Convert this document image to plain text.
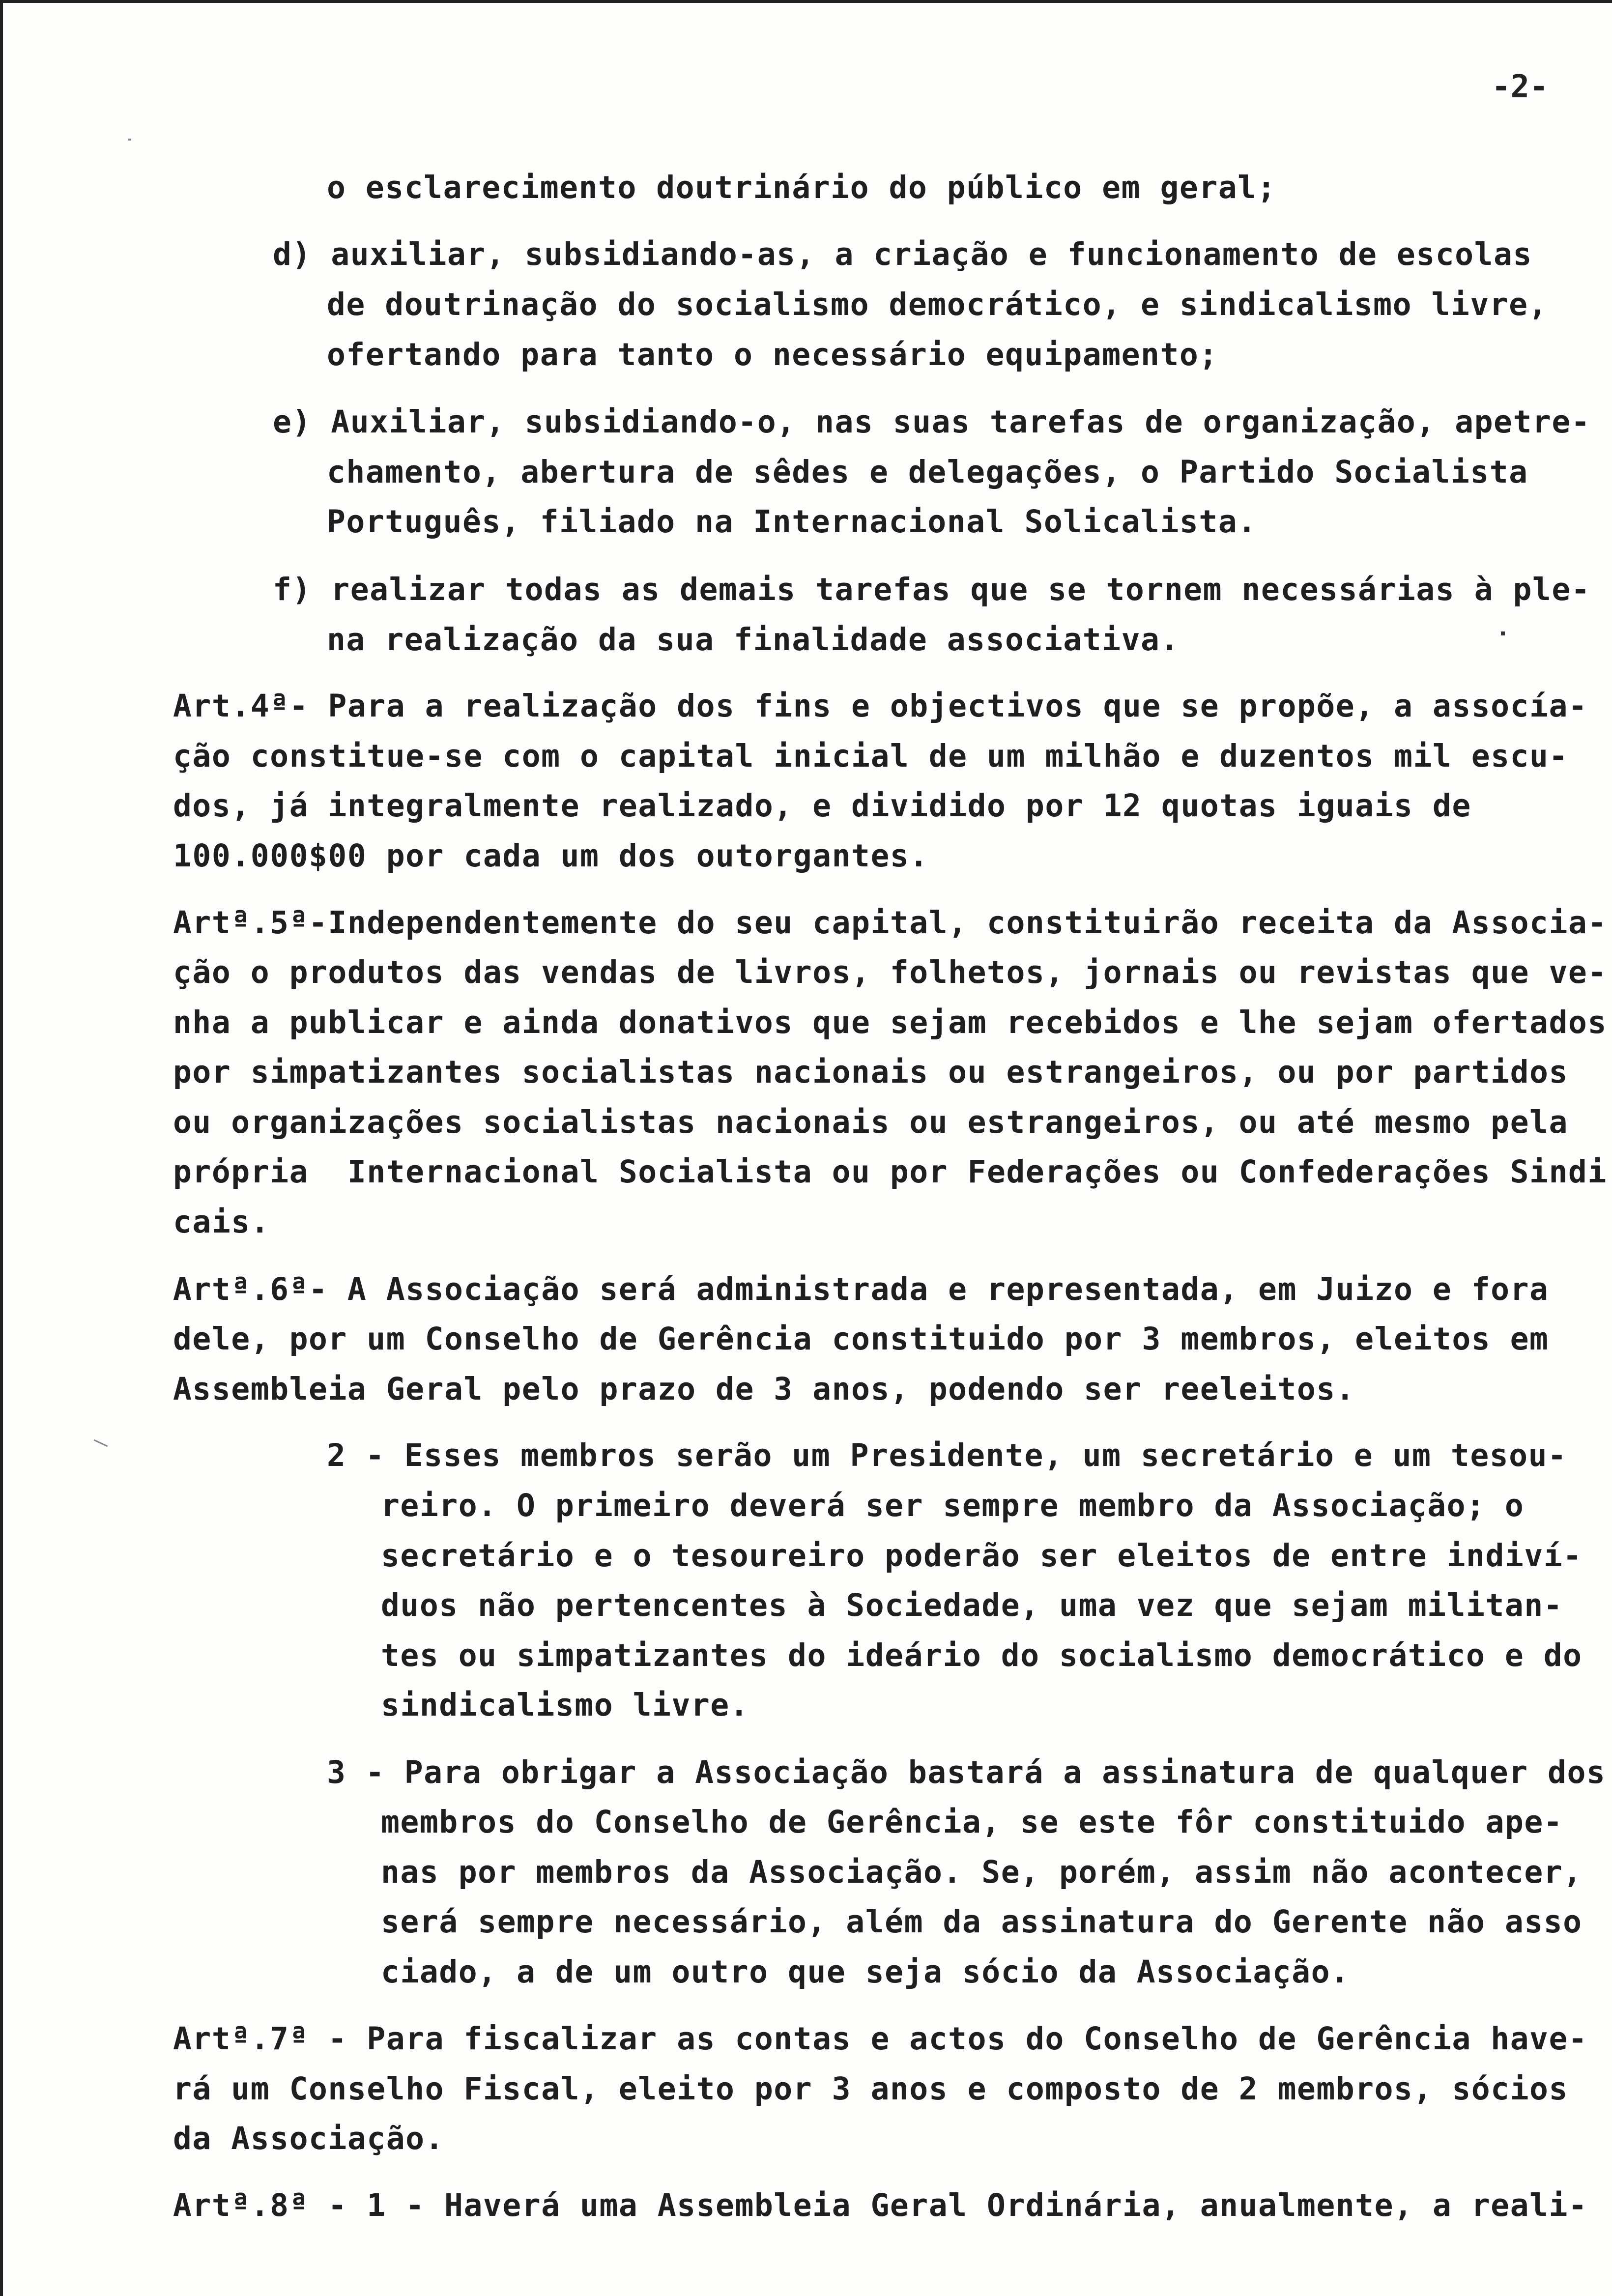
-2-
o esclarecimento doutrinário do público em geral;
d) auxiliar, subsidiando-as, a criação e funcionamento de escolas
de doutrinação do socialismo democrático, e sindicalismo livre,
ofertando para tanto o necessário equipamento;
e) Auxiliar, subsidiando-o, nas suas tarefas de organização, apetre-
chamento, abertura de sêdes e delegações, o Partido Socialista
Português, filiado na Internacional Solicalista.
f) realizar todas as demais tarefas que se tornem necessárias à ple-
na realização da sua finalidade associativa.
Art.4ª- Para a realização dos fins e objectivos que se propõe, a assocía-
ção constitue-se com o capital inicial de um milhão e duzentos mil escu-
dos, já integralmente realizado, e dividido por 12 quotas iguais de
100.000$00 por cada um dos outorgantes.
Artª.5ª-Independentemente do seu capital, constituirão receita da Associa-
ção o produtos das vendas de livros, folhetos, jornais ou revistas que ve-
nha a publicar e ainda donativos que sejam recebidos e lhe sejam ofertados
por simpatizantes socialistas nacionais ou estrangeiros, ou por partidos
ou organizações socialistas nacionais ou estrangeiros, ou até mesmo pela
própria  Internacional Socialista ou por Federações ou Confederações Sindi
cais.
Artª.6ª- A Associação será administrada e representada, em Juizo e fora
dele, por um Conselho de Gerência constituido por 3 membros, eleitos em
Assembleia Geral pelo prazo de 3 anos, podendo ser reeleitos.
2 - Esses membros serão um Presidente, um secretário e um tesou-
reiro. O primeiro deverá ser sempre membro da Associação; o
secretário e o tesoureiro poderão ser eleitos de entre indiví-
duos não pertencentes à Sociedade, uma vez que sejam militan-
tes ou simpatizantes do ideário do socialismo democrático e do
sindicalismo livre.
3 - Para obrigar a Associação bastará a assinatura de qualquer dos
membros do Conselho de Gerência, se este fôr constituido ape-
nas por membros da Associação. Se, porém, assim não acontecer,
será sempre necessário, além da assinatura do Gerente não asso
ciado, a de um outro que seja sócio da Associação.
Artª.7ª - Para fiscalizar as contas e actos do Conselho de Gerência have-
rá um Conselho Fiscal, eleito por 3 anos e composto de 2 membros, sócios
da Associação.
Artª.8ª - 1 - Haverá uma Assembleia Geral Ordinária, anualmente, a reali-
